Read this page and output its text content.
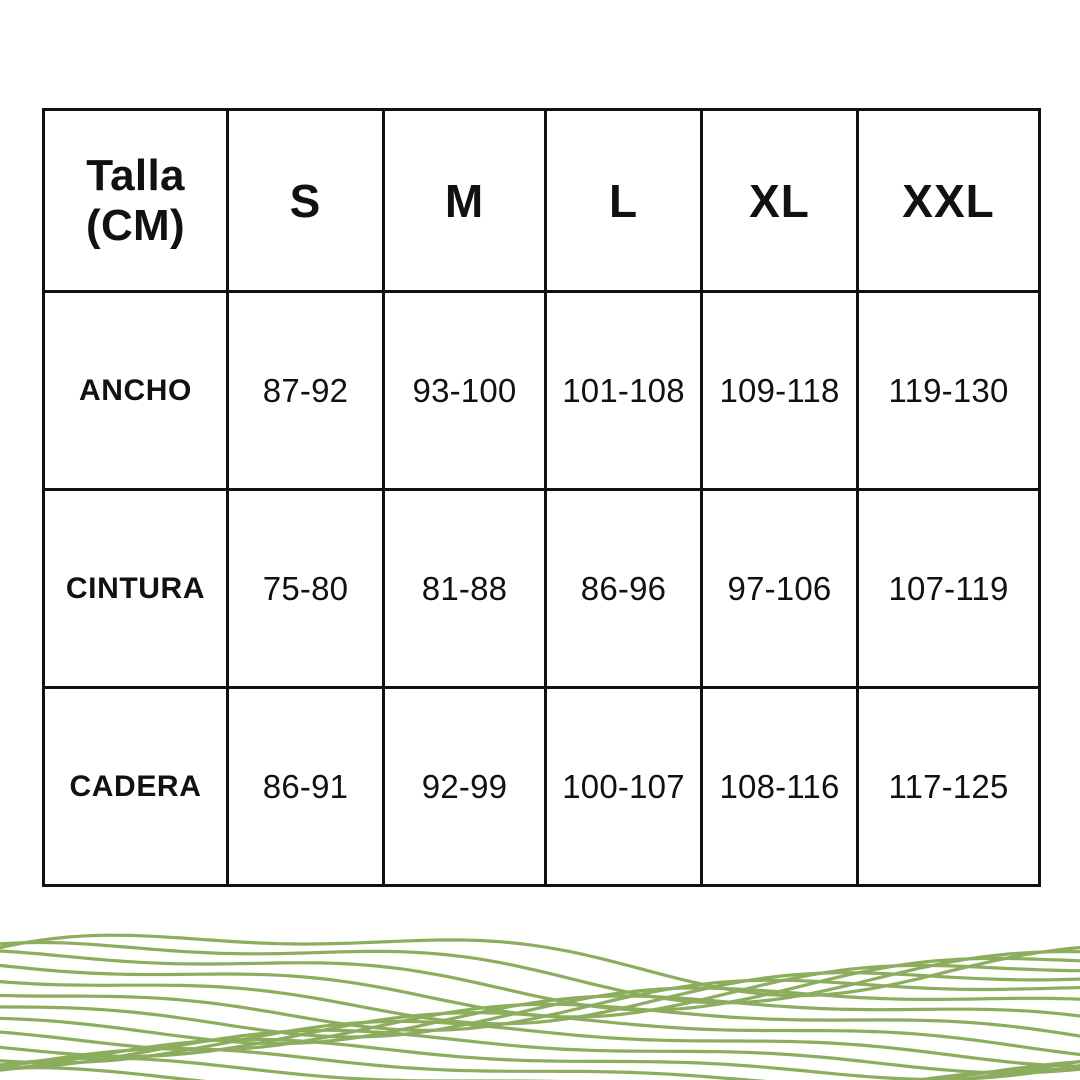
Talla (CM)	S	M	L	XL	XXL
ANCHO	87-92	93-100	101-108	109-118	119-130
CINTURA	75-80	81-88	86-96	97-106	107-119
CADERA	86-91	92-99	100-107	108-116	117-125
